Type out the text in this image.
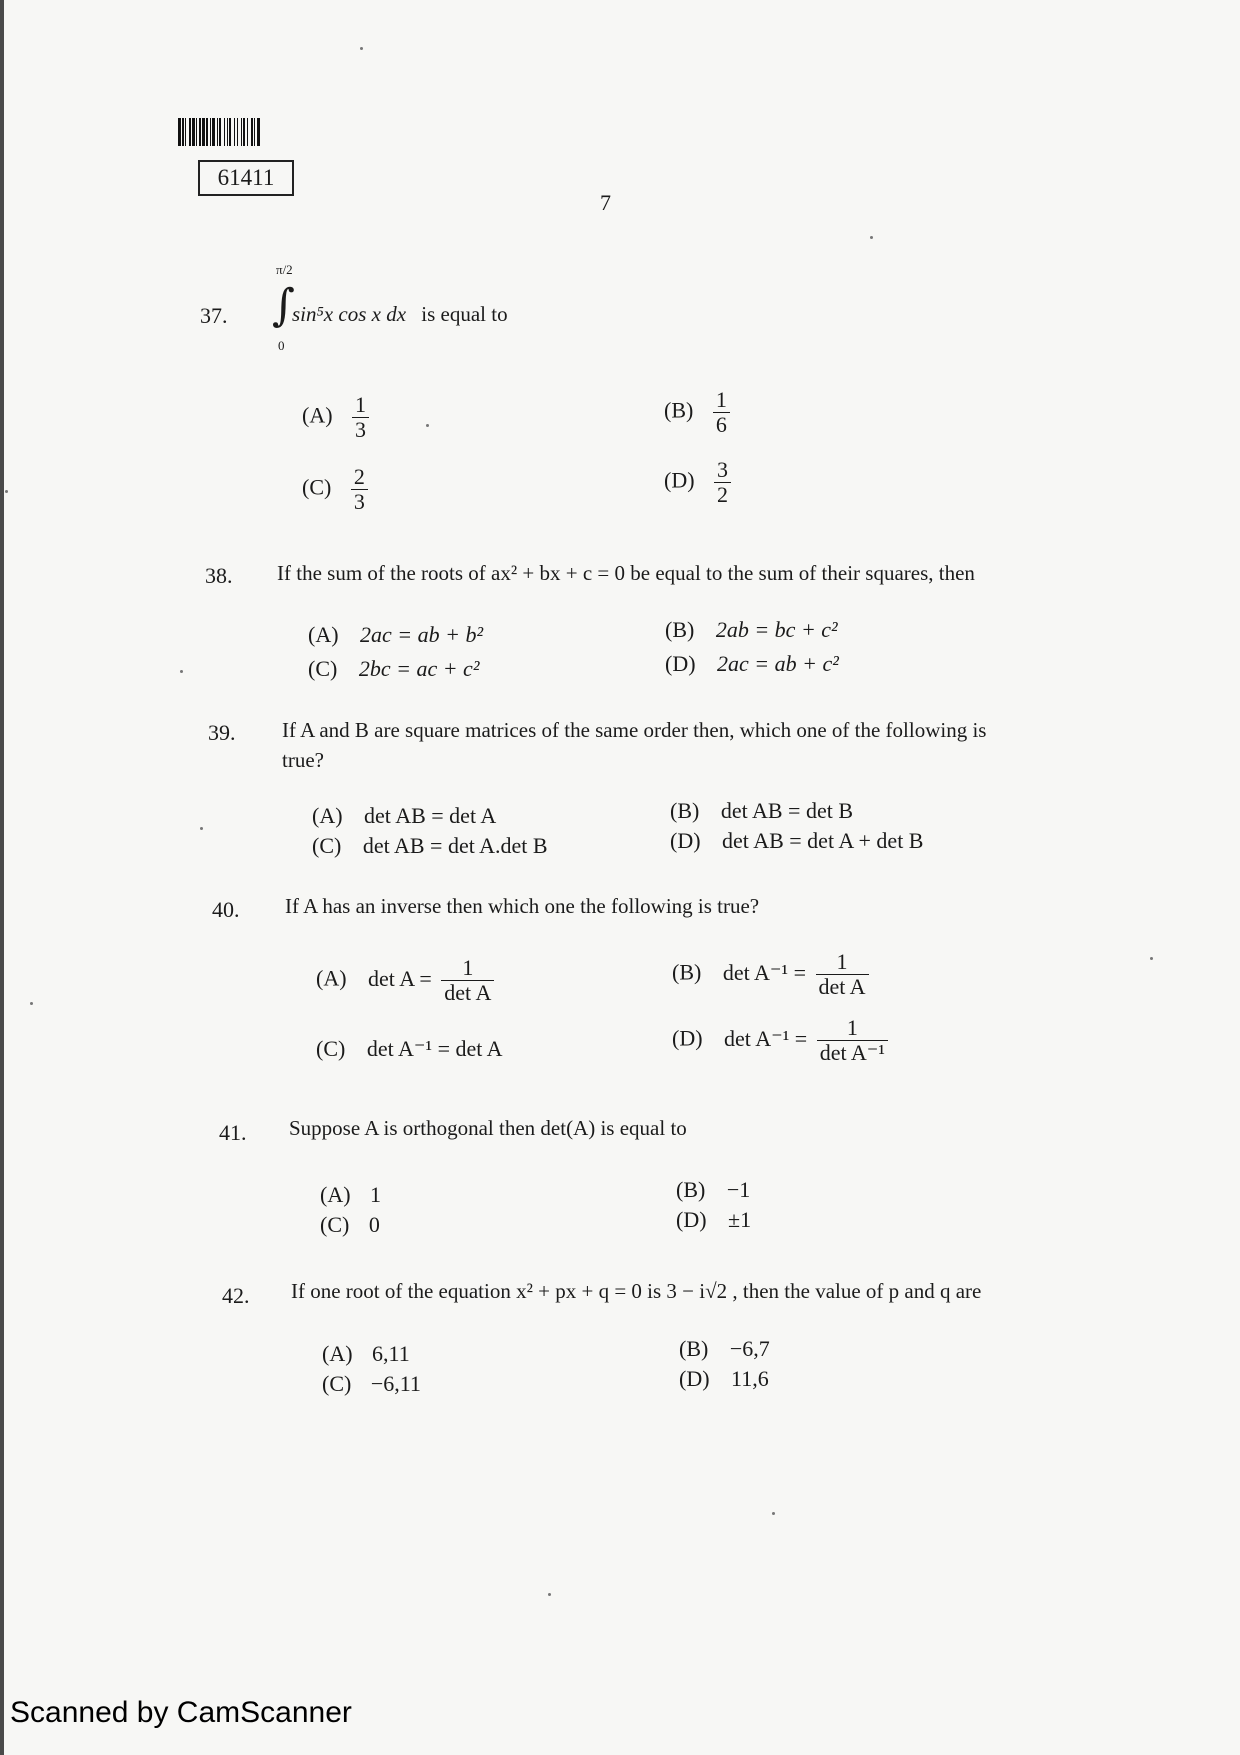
61411
7
37.
π/2
∫
0
sin⁵x cos x dx is equal to
$(A) \frac{1}{3}$	$(B) \frac{1}{6}$
$(C) \frac{2}{3}$	$(D) \frac{3}{2}$
38. If the sum of the roots of ax² + bx + c = 0 be equal to the sum of their squares, then
(A) 2ac = ab + b²	(B) 2ab = bc + c²
(C) 2bc = ac + c²	(D) 2ac = ab + c²
39. If A and B are square matrices of the same order then, which one of the following is
true?
(A) det AB = det A	(B) det AB = det B
(C) det AB = det A.det B	(D) det AB = det A + det B
40. If A has an inverse then which one the following is true?
(A) $\det A = \frac{1}{\text{det A}}$	(B) $\det A^{-1} = \frac{1}{\text{det A}}$
(C) det A⁻¹ = det A	(D) $\det A^{-1} = \frac{1}{\text{det A⁻¹}}$
41. Suppose A is orthogonal then det(A) is equal to
(A) 1	(B) −1
(C) 0	(D) ±1
42. If one root of the equation x² + px + q = 0 is 3 − i√2 , then the value of p and q are
(A) 6,11	(B) −6,7
(C) −6,11	(D) 11,6
Scanned by CamScanner
